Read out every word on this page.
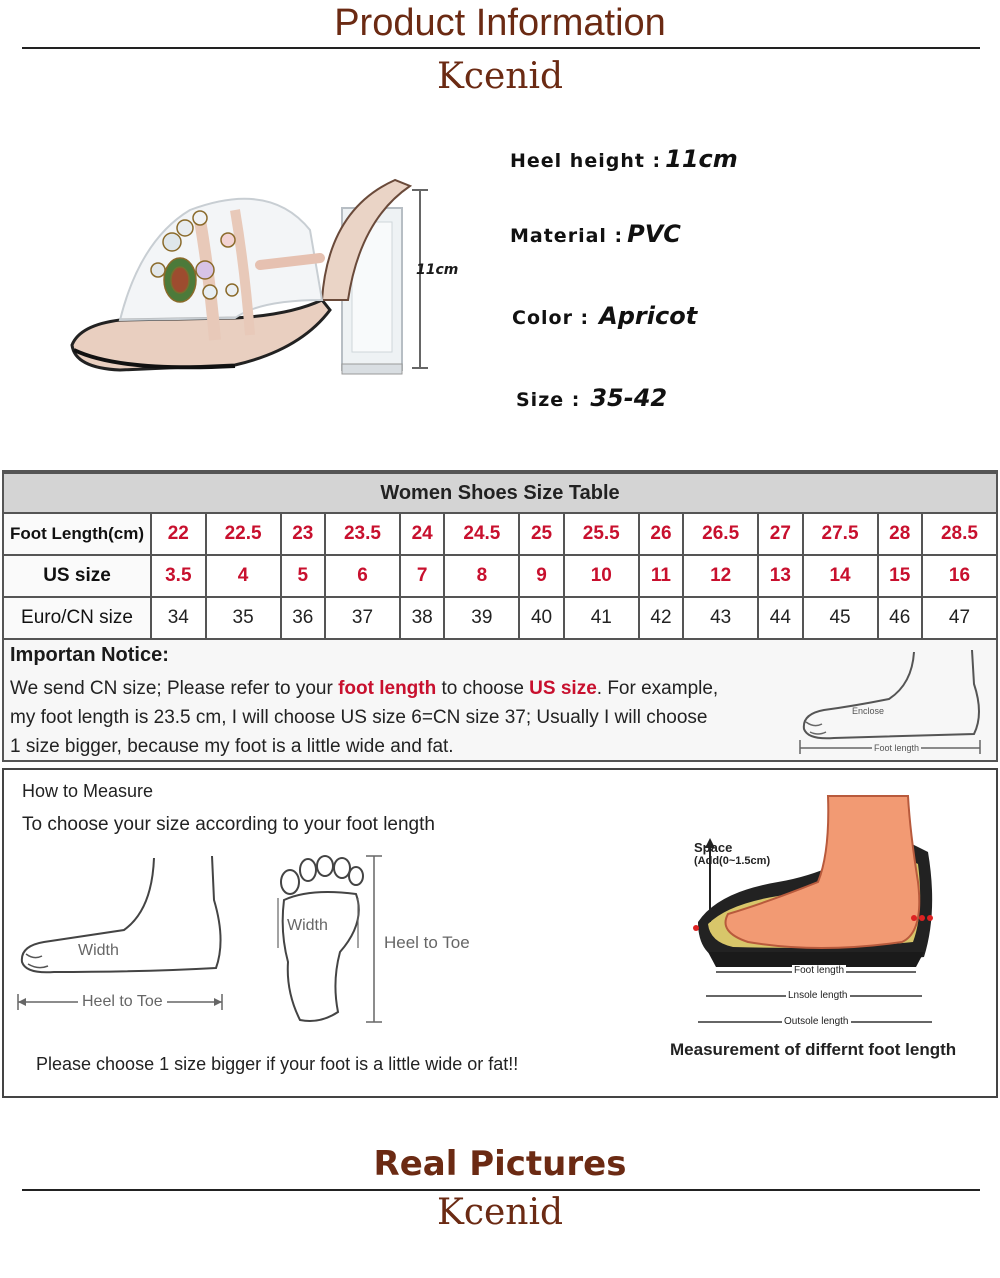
Product Information
Kcenid
11cm
Heel height : 11cm
Material : PVC
Color : Apricot
Size : 35-42
Women Shoes Size Table														
Foot Length(cm)	22	22.5	23	23.5	24	24.5	25	25.5	26	26.5	27	27.5	28	28.5
US size	3.5	4	5	6	7	8	9	10	11	12	13	14	15	16
Euro/CN size	34	35	36	37	38	39	40	41	42	43	44	45	46	47
Importan Notice:
We send CN size; Please refer to your foot length to choose US size. For example,
my foot length is 23.5 cm, I will choose US size 6=CN size 37; Usually I will choose
1 size bigger, because my foot is a little wide and fat.
Enclose
Foot length
How to Measure
To choose your size according to your foot length
Width
Heel to Toe
Width
Heel to Toe
Please choose 1 size bigger if your foot is a little wide or fat!!
Space
(Add(0~1.5cm)
Foot length
Lnsole length
Outsole length
Measurement of differnt foot length
Real Pictures
Kcenid
